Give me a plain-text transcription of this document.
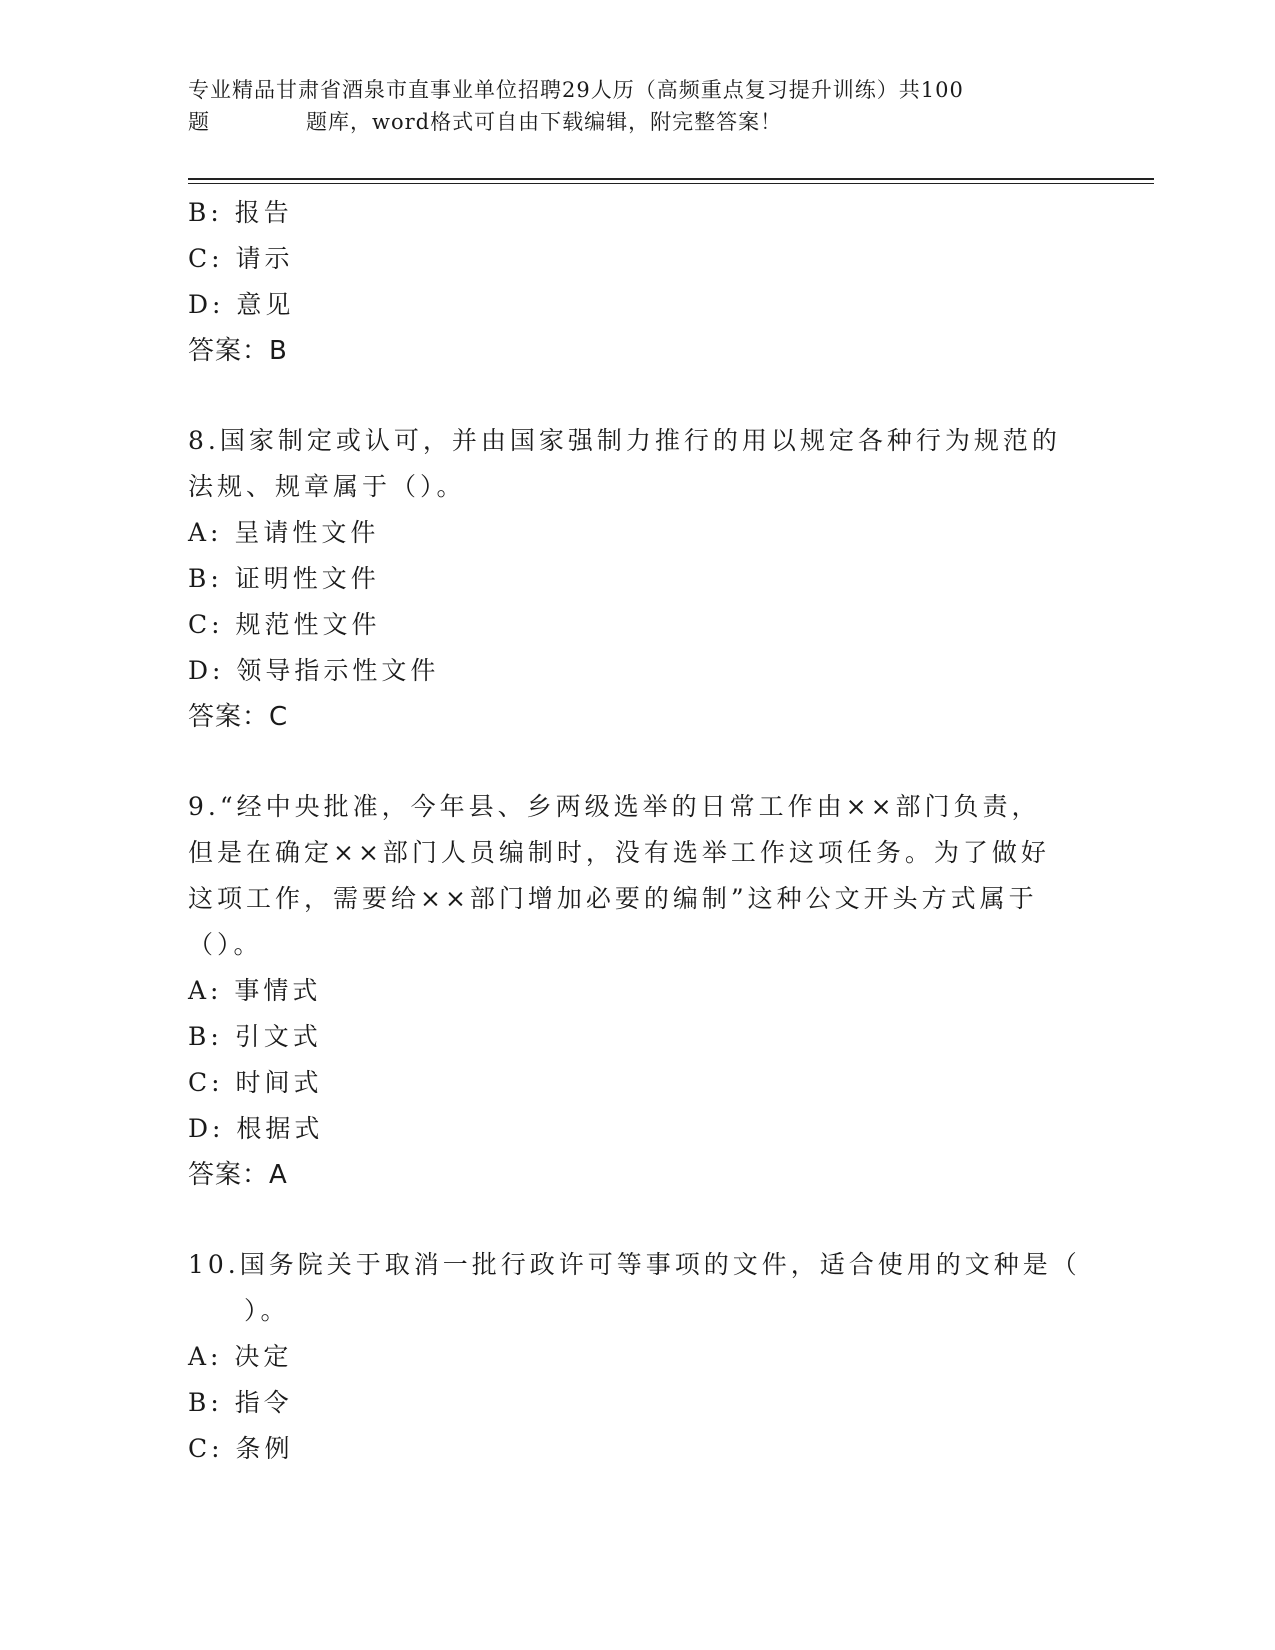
专业精品甘肃省酒泉市直事业单位招聘29人历（高频重点复习提升训练）共100

题	题库，word格式可自由下载编辑，附完整答案！
B: 报告
C: 请示
D: 意见
答案：B
8.国家制定或认可，并由国家强制力推行的用以规定各种行为规范的
法规、规章属于（）。
A: 呈请性文件
B: 证明性文件
C: 规范性文件
D: 领导指示性文件
答案：C
9.“经中央批准，今年县、乡两级选举的日常工作由××部门负责，
但是在确定××部门人员编制时，没有选举工作这项任务。为了做好
这项工作，需要给××部门增加必要的编制”这种公文开头方式属于
（）。
A: 事情式
B: 引文式
C: 时间式
D: 根据式
答案：A
10.国务院关于取消一批行政许可等事项的文件，适合使用的文种是（
）。
A: 决定
B: 指令
C: 条例
